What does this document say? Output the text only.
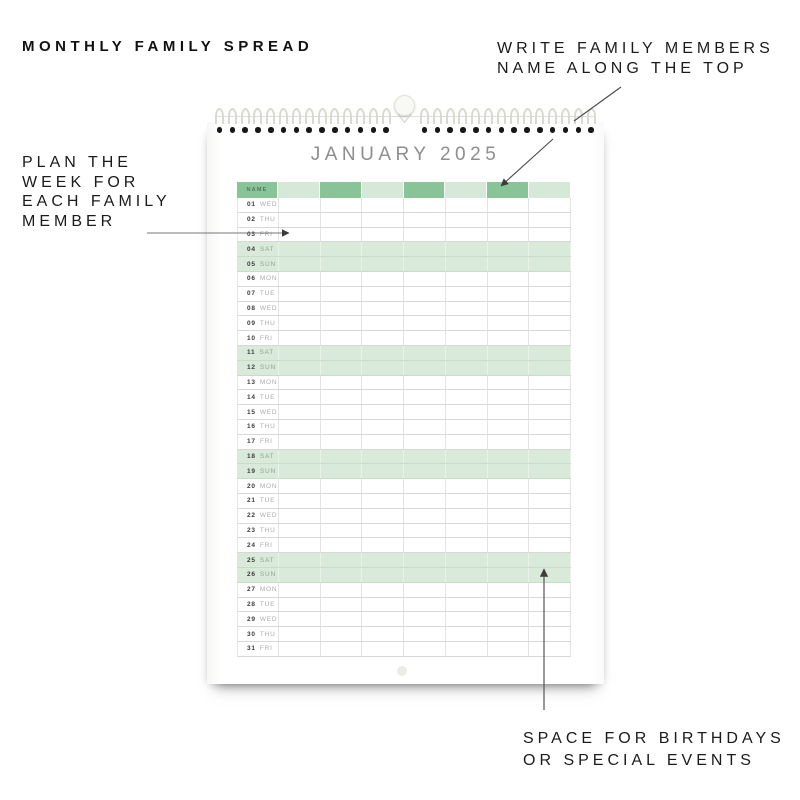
MONTHLY FAMILY SPREAD	WRITE FAMILY MEMBERS
NAME ALONG THE TOP
PLAN THE
WEEK FOR
EACH FAMILY
MEMBER
SPACE FOR BIRTHDAYS
OR SPECIAL EVENTS
JANUARY 2025
NAME
01 WED
02 THU
03 FRI
04 SAT
05 SUN
06 MON
07 TUE
08 WED
09 THU
10 FRI
11 SAT
12 SUN
13 MON
14 TUE
15 WED
16 THU
17 FRI
18 SAT
19 SUN
20 MON
21 TUE
22 WED
23 THU
24 FRI
25 SAT
26 SUN
27 MON
28 TUE
29 WED
30 THU
31 FRI
